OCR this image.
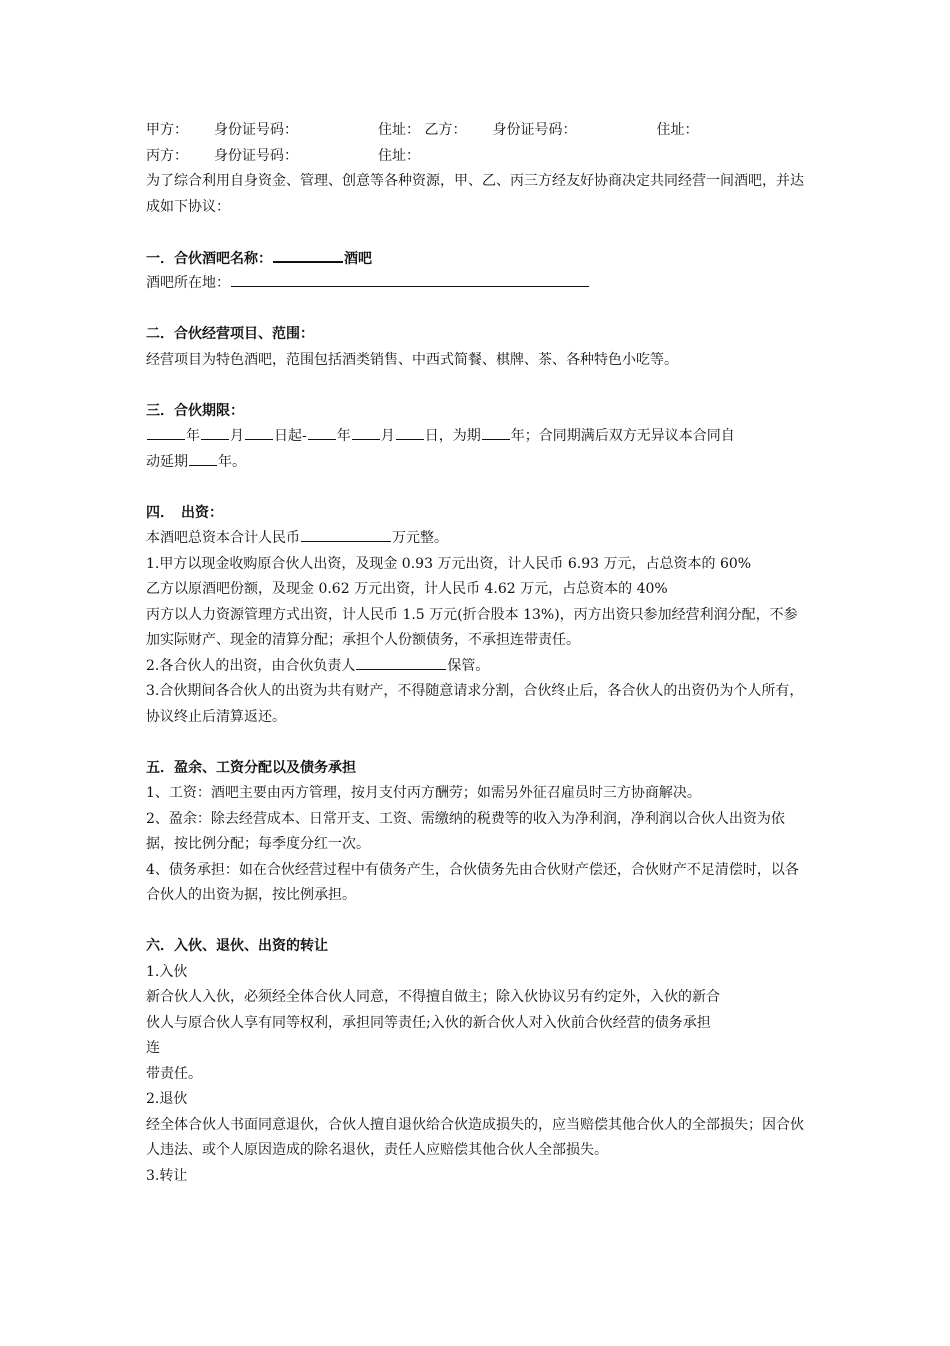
甲方： 身份证号码：	住址： 乙方： 身份证号码：	住址： 丙方： 身份证号码：	住址：
为了综合利用自身资金、管理、创意等各种资源，甲、乙、丙三方经友好协商决定共同经营一间酒吧，并达成如下协议：
一．合伙酒吧名称：	酒吧
酒吧所在地：
二．合伙经营项目、范围：
经营项目为特色酒吧，范围包括酒类销售、中西式简餐、棋牌、茶、各种特色小吃等。
三．合伙期限：
年 月 日起- 年 月 日，为期 年；合同期满后双方无异议本合同自
动延期 年。
四．　出资：
本酒吧总资本合计人民币	万元整。
1.甲方以现金收购原合伙人出资，及现金 0.93 万元出资，计人民币 6.93 万元，占总资本的 60%
乙方以原酒吧份额，及现金 0.62 万元出资，计人民币 4.62 万元，占总资本的 40%
丙方以人力资源管理方式出资，计人民币 1.5 万元(折合股本 13%)，丙方出资只参加经营利润分配，不参加实际财产、现金的清算分配；承担个人份额债务，不承担连带责任。
2.各合伙人的出资，由合伙负责人	保管。
3.合伙期间各合伙人的出资为共有财产，不得随意请求分割，合伙终止后，各合伙人的出资仍为个人所有，协议终止后清算返还。
五．盈余、工资分配以及债务承担
1、工资：酒吧主要由丙方管理，按月支付丙方酬劳；如需另外征召雇员时三方协商解决。
2、盈余：除去经营成本、日常开支、工资、需缴纳的税费等的收入为净利润，净利润以合伙人出资为依据，按比例分配；每季度分红一次。
4、债务承担：如在合伙经营过程中有债务产生，合伙债务先由合伙财产偿还，合伙财产不足清偿时，以各合伙人的出资为据，按比例承担。
六．入伙、退伙、出资的转让
1.入伙
新合伙人入伙，必须经全体合伙人同意，不得擅自做主；除入伙协议另有约定外，入伙的新合
伙人与原合伙人享有同等权利，承担同等责任;入伙的新合伙人对入伙前合伙经营的债务承担
连
带责任。
2.退伙
经全体合伙人书面同意退伙，合伙人擅自退伙给合伙造成损失的，应当赔偿其他合伙人的全部损失；因合伙人违法、或个人原因造成的除名退伙，责任人应赔偿其他合伙人全部损失。
3.转让
